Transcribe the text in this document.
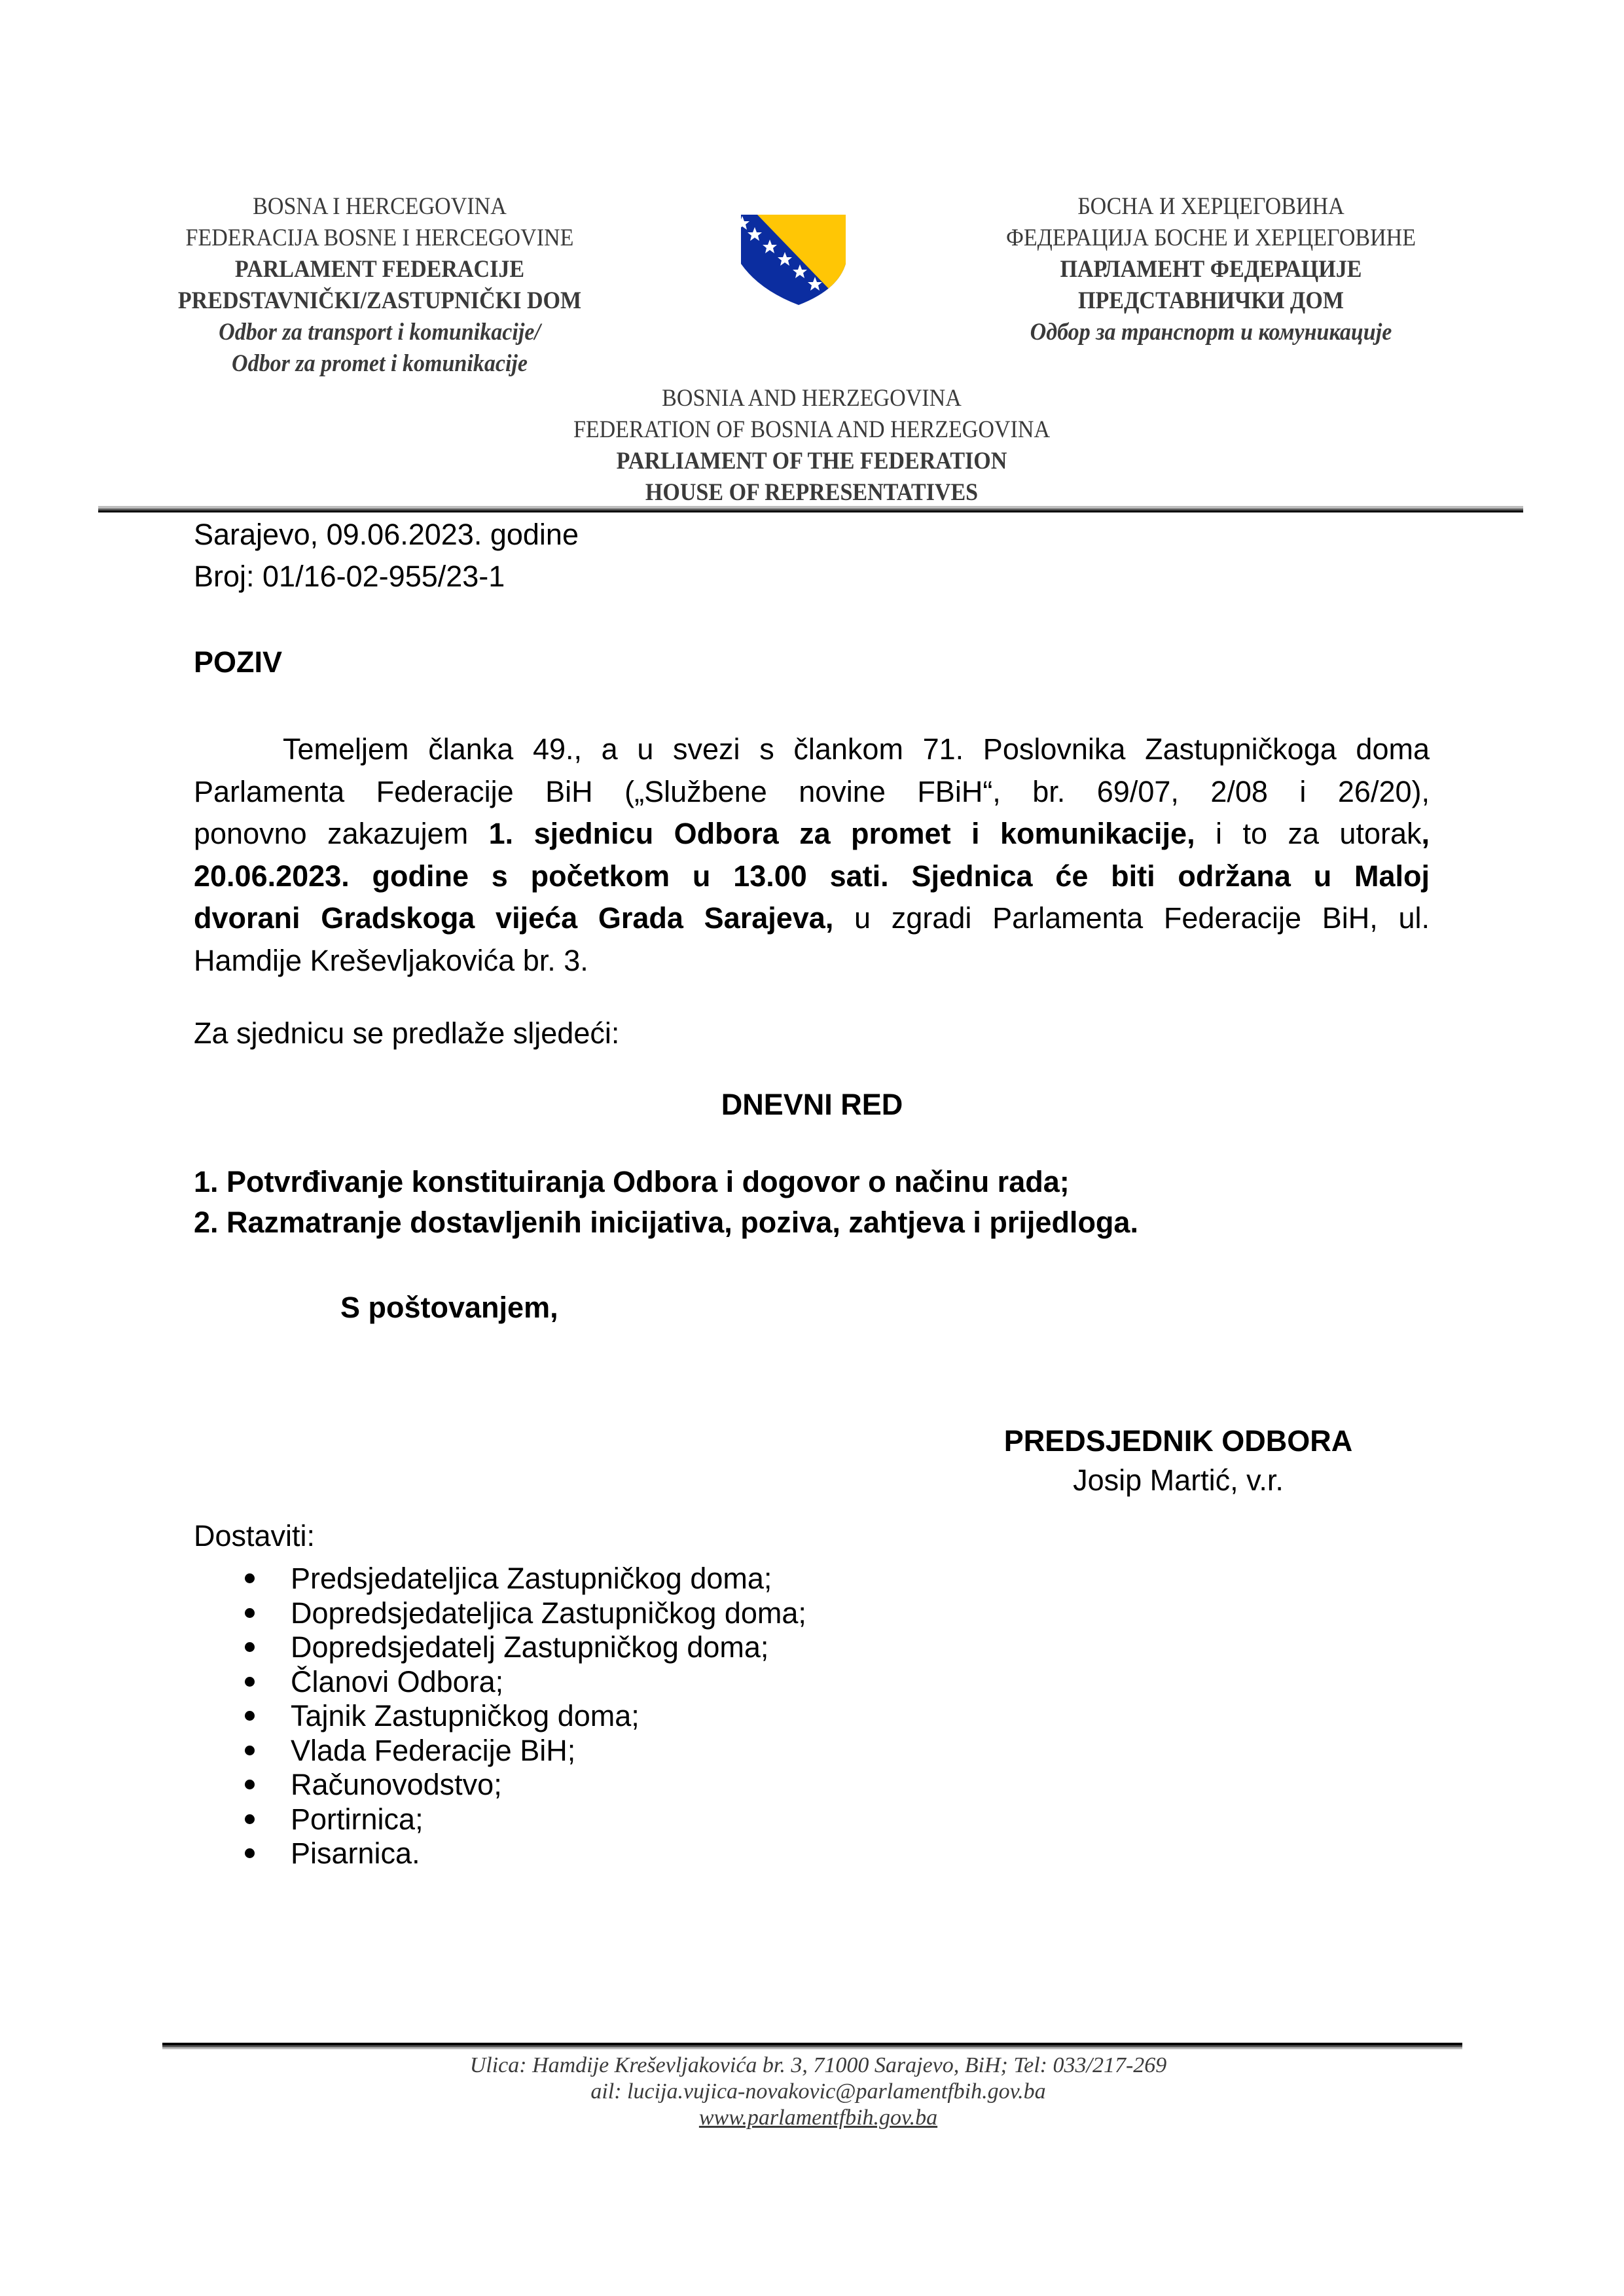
BOSNA I HERCEGOVINA
FEDERACIJA BOSNE I HERCEGOVINE
PARLAMENT FEDERACIJE
PREDSTAVNIČKI/ZASTUPNIČKI DOM
Odbor za transport i komunikacije/
Odbor za promet i komunikacije
БОСНА И ХЕРЦЕГОВИНА
ФЕДЕРАЦИЈА БОСНЕ И ХЕРЦЕГОВИНЕ
ПАРЛАМЕНТ ФЕДЕРАЦИЈЕ
ПРЕДСТАВНИЧКИ ДОМ
Одбор за транспорт и комуникације
BOSNIA AND HERZEGOVINA
FEDERATION OF BOSNIA AND HERZEGOVINA
PARLIAMENT OF THE FEDERATION
HOUSE OF REPRESENTATIVES
Sarajevo, 09.06.2023. godine
Broj: 01/16-02-955/23-1
POZIV
Temeljem članka 49., a u svezi s člankom 71. Poslovnika Zastupničkoga doma
Parlamenta Federacije BiH („Službene novine FBiH“, br. 69/07, 2/08 i 26/20),
ponovno zakazujem 1. sjednicu Odbora za promet i komunikacije, i to za utorak,
20.06.2023. godine s početkom u 13.00 sati. Sjednica će biti održana u Maloj
dvorani Gradskoga vijeća Grada Sarajeva, u zgradi Parlamenta Federacije BiH, ul.
Hamdije Kreševljakovića br. 3.
Za sjednicu se predlaže sljedeći:
DNEVNI RED
1. Potvrđivanje konstituiranja Odbora i dogovor o načinu rada;
2. Razmatranje dostavljenih inicijativa, poziva, zahtjeva i prijedloga.
S poštovanjem,
PREDSJEDNIK ODBORA
Josip Martić, v.r.
Dostaviti:
Predsjedateljica Zastupničkog doma;
Dopredsjedateljica Zastupničkog doma;
Dopredsjedatelj Zastupničkog doma;
Članovi Odbora;
Tajnik Zastupničkog doma;
Vlada Federacije BiH;
Računovodstvo;
Portirnica;
Pisarnica.
Ulica: Hamdije Kreševljakovića br. 3, 71000 Sarajevo, BiH; Tel: 033/217-269
ail: lucija.vujica-novakovic@parlamentfbih.gov.ba
www.parlamentfbih.gov.ba
